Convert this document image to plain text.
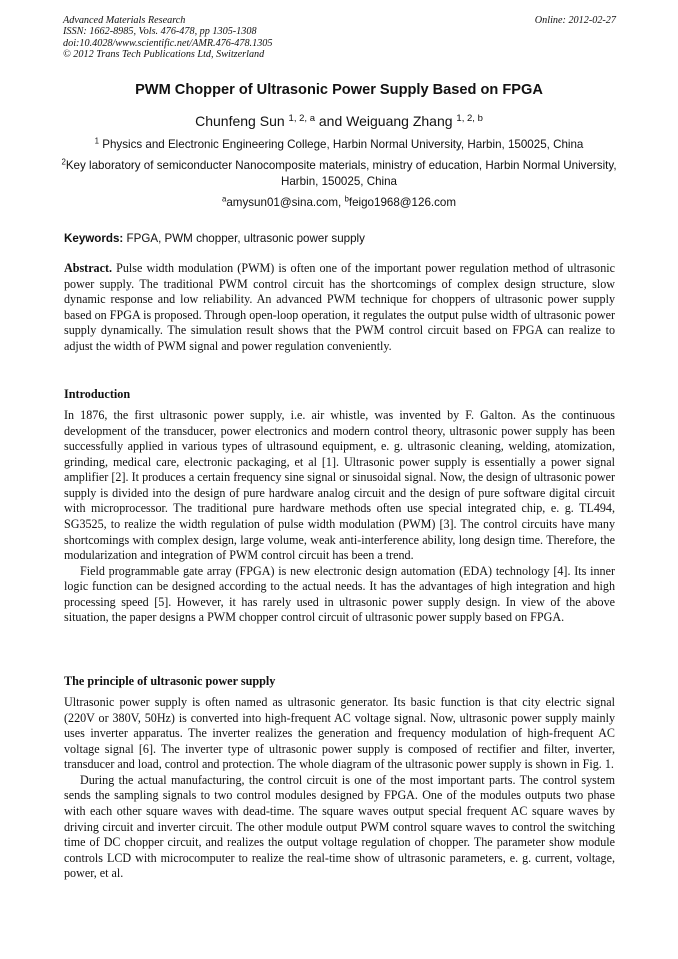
Advanced Materials Research
ISSN: 1662-8985, Vols. 476-478, pp 1305-1308
doi:10.4028/www.scientific.net/AMR.476-478.1305
© 2012 Trans Tech Publications Ltd, Switzerland
Online: 2012-02-27
PWM Chopper of Ultrasonic Power Supply Based on FPGA
Chunfeng Sun $^{1, 2, a}$ and Weiguang Zhang $^{1, 2, b}$
$^1$ Physics and Electronic Engineering College, Harbin Normal University, Harbin, 150025, China
$^2$Key laboratory of semiconducter Nanocomposite materials, ministry of education, Harbin Normal University, Harbin, 150025, China
$^a$amysun01@sina.com, $^b$feigo1968@126.com
Keywords: FPGA, PWM chopper, ultrasonic power supply

Abstract. Pulse width modulation (PWM) is often one of the important power regulation method of ultrasonic power supply. The traditional PWM control circuit has the shortcomings of complex design structure, slow dynamic response and low reliability. An advanced PWM technique for choppers of ultrasonic power supply based on FPGA is proposed. Through open-loop operation, it regulates the output pulse width of ultrasonic power supply dynamically. The simulation result shows that the PWM control circuit based on FPGA can realize to adjust the width of PWM signal and power regulation conveniently.

Introduction

In 1876, the first ultrasonic power supply, i.e. air whistle, was invented by F. Galton. As the continuous development of the transducer, power electronics and modern control theory, ultrasonic power supply has been successfully applied in various types of ultrasound equipment, e. g. ultrasonic cleaning, welding, atomization, grinding, medical care, electronic packaging, et al [1]. Ultrasonic power supply is essentially a power signal amplifier [2]. It produces a certain frequency sine signal or sinusoidal signal. Now, the design of ultrasonic power supply is divided into the design of pure hardware analog circuit and the design of pure software digital circuit with microprocessor. The traditional pure hardware methods often use special integrated chip, e. g. TL494, SG3525, to realize the width regulation of pulse width modulation (PWM) [3]. The control circuits have many shortcomings with complex design, large volume, weak anti-interference ability, long design time. Therefore, the modularization and integration of PWM control circuit has been a trend.

Field programmable gate array (FPGA) is new electronic design automation (EDA) technology [4]. Its inner logic function can be designed according to the actual needs. It has the advantages of high integration and high processing speed [5]. However, it has rarely used in ultrasonic power supply design. In view of the above situation, the paper designs a PWM chopper control circuit of ultrasonic power supply based on FPGA.

The principle of ultrasonic power supply

Ultrasonic power supply is often named as ultrasonic generator. Its basic function is that city electric signal (220V or 380V, 50Hz) is converted into high-frequent AC voltage signal. Now, ultrasonic power supply mainly uses inverter apparatus. The inverter realizes the generation and frequency modulation of high-frequent AC voltage signal [6]. The inverter type of ultrasonic power supply is composed of rectifier and filter, inverter, transducer and load, control and protection. The whole diagram of the ultrasonic power supply is shown in Fig. 1.

During the actual manufacturing, the control circuit is one of the most important parts. The control system sends the sampling signals to two control modules designed by FPGA. One of the modules outputs two phase with each other square waves with dead-time. The square waves output special frequent AC square waves by driving circuit and inverter circuit. The other module output PWM control square waves to control the switching time of DC chopper circuit, and realizes the output voltage regulation of chopper. The parameter show module controls LCD with microcomputer to realize the real-time show of ultrasonic parameters, e. g. current, voltage, power, et al.
